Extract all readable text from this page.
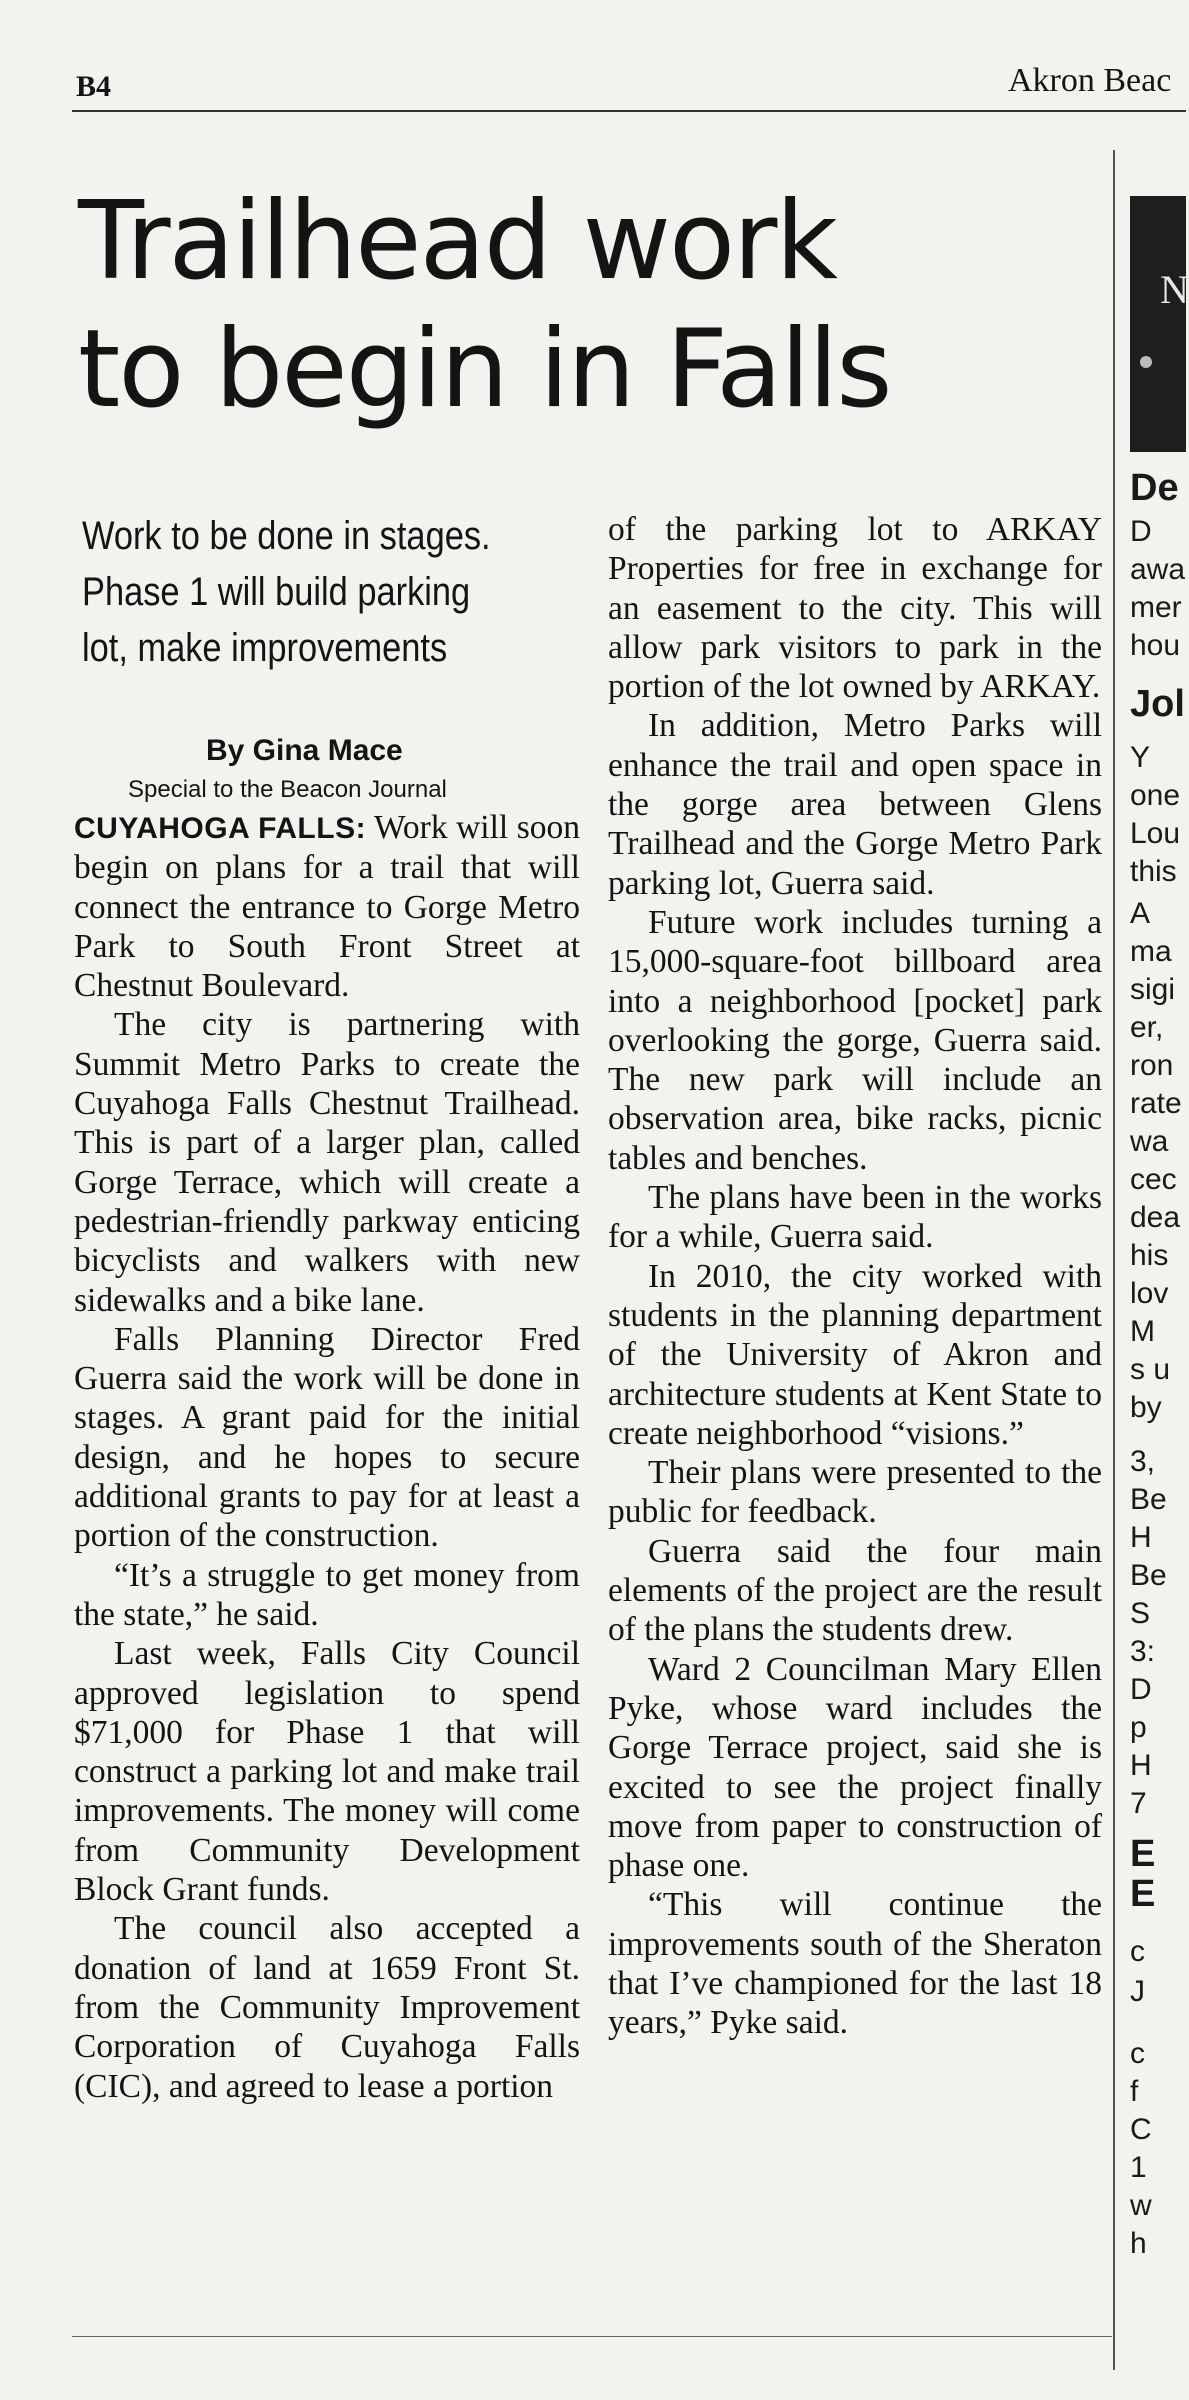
B4	Akron Beac
Trailhead work
to begin in Falls
Work to be done in stages.
Phase 1 will build parking
lot, make improvements
By Gina Mace
Special to the Beacon Journal

CUYAHOGA FALLS: Work will soon begin on plans for a trail that will connect the entrance to Gorge Metro Park to South Front Street at Chestnut Boulevard.

The city is partnering with Summit Metro Parks to create the Cuyahoga Falls Chestnut Trailhead. This is part of a larger plan, called Gorge Terrace, which will create a pedestrian-friendly parkway enticing bicyclists and walkers with new sidewalks and a bike lane.

Falls Planning Director Fred Guerra said the work will be done in stages. A grant paid for the initial design, and he hopes to secure additional grants to pay for at least a portion of the construction.

“It’s a struggle to get money from the state,” he said.

Last week, Falls City Council approved legislation to spend $71,000 for Phase 1 that will construct a parking lot and make trail improvements. The money will come from Community Development Block Grant funds.

The council also accepted a donation of land at 1659 Front St. from the Community Improvement Corporation of Cuyahoga Falls (CIC), and agreed to lease a portion

of the parking lot to ARKAY Properties for free in exchange for an easement to the city. This will allow park visitors to park in the portion of the lot owned by ARKAY.

In addition, Metro Parks will enhance the trail and open space in the gorge area between Glens Trailhead and the Gorge Metro Park parking lot, Guerra said.

Future work includes turning a 15,000-square-foot billboard area into a neighborhood [pocket] park overlooking the gorge, Guerra said. The new park will include an observation area, bike racks, picnic tables and benches.

The plans have been in the works for a while, Guerra said.

In 2010, the city worked with students in the planning department of the University of Akron and architecture students at Kent State to create neighborhood “visions.”

Their plans were presented to the public for feedback.

Guerra said the four main elements of the project are the result of the plans the students drew.

Ward 2 Councilman Mary Ellen Pyke, whose ward includes the Gorge Terrace project, said she is excited to see the project finally move from paper to construction of phase one.

“This will continue the improvements south of the Sheraton that I’ve championed for the last 18 years,” Pyke said.

N
De
D
awa
mer
hou
Jol
Y
one
Lou
this
A
ma
sigi
er,
ron
rate
wa
cec
dea
his
lov
M
s u
by
3,
Be
H
Be
S
3:
D
p
H
7
E
E
c
J
c
f
C
1
w
h
